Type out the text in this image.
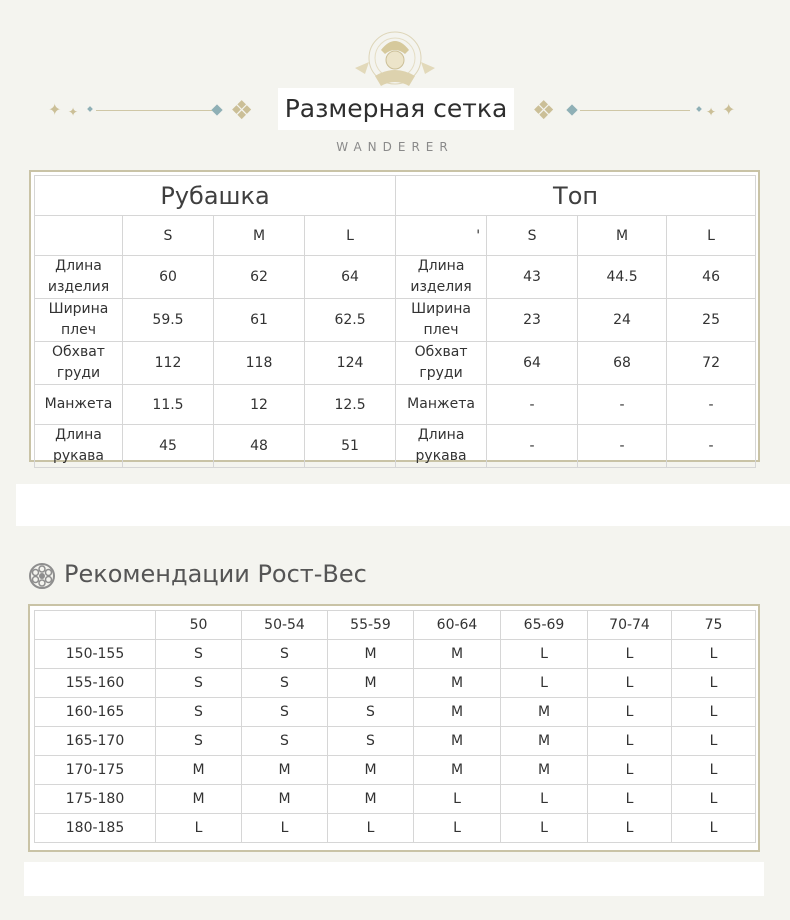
✦ ✦	❖	❖	✦ ✦
Размерная сетка
WANDERER
Рубашка				Топ			
	S	M	L	'	S	M	L
Длина изделия	60	62	64	Длина изделия	43	44.5	46
Ширина плеч	59.5	61	62.5	Ширина плеч	23	24	25
Обхват груди	112	118	124	Обхват груди	64	68	72
Манжета	11.5	12	12.5	Манжета	-	-	-
Длина рукава	45	48	51	Длина рукава	-	-	-
Рекомендации Рост-Вес
	50	50-54	55-59	60-64	65-69	70-74	75
150-155	S	S	M	M	L	L	L
155-160	S	S	M	M	L	L	L
160-165	S	S	S	M	M	L	L
165-170	S	S	S	M	M	L	L
170-175	M	M	M	M	M	L	L
175-180	M	M	M	L	L	L	L
180-185	L	L	L	L	L	L	L
